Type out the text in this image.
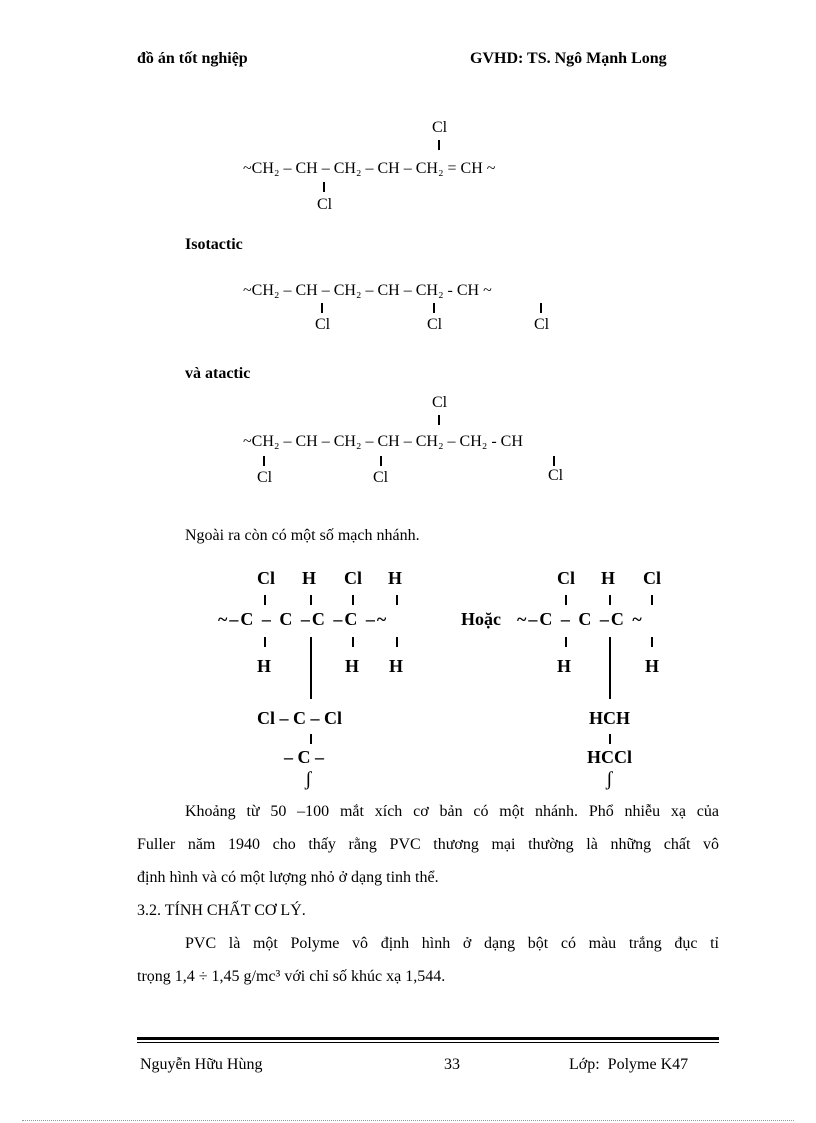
đồ án tốt nghiệp	GVHD: TS. Ngô Mạnh Long
Cl
~CH₂ – CH – CH₂ – CH – CH₂ = CH ~
Cl
Isotactic
~CH₂ – CH – CH₂ – CH – CH₂ - CH ~
Cl	Cl	Cl
và atactic
Cl
~CH₂ – CH – CH₂ – CH – CH₂ – CH₂ - CH
Cl	Cl	Cl
Ngoài ra còn có một số mạch nhánh.
Cl H Cl H
~–C – C –C –C –~
H	H H
Cl – C – Cl
– C –
ʃ
Hoặc
Cl H Cl
~–C – C –C ~
H	H
HCH
HCCl
ʃ
Khoảng từ 50 –100 mắt xích cơ bản có một nhánh. Phổ nhiễu xạ của
Fuller năm 1940 cho thấy rằng PVC thương mại thường là những chất vô
định hình và có một lượng nhỏ ở dạng tinh thể.
3.2. TÍNH CHẤT CƠ LÝ.
PVC là một Polyme vô định hình ở dạng bột có màu trắng đục tỉ
trọng 1,4 ÷ 1,45 g/mc³ với chỉ số khúc xạ 1,544.
Nguyễn Hữu Hùng	33	Lớp:  Polyme K47
